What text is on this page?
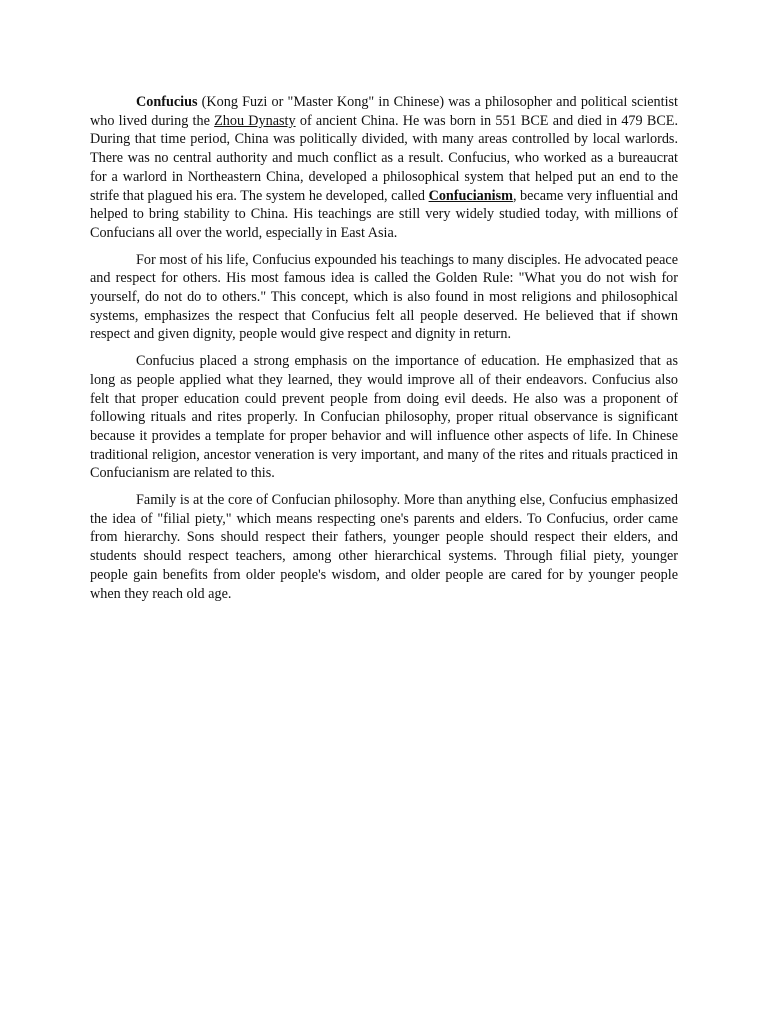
Confucius (Kong Fuzi or "Master Kong" in Chinese) was a philosopher and political scientist who lived during the Zhou Dynasty of ancient China. He was born in 551 BCE and died in 479 BCE. During that time period, China was politically divided, with many areas controlled by local warlords. There was no central authority and much conflict as a result. Confucius, who worked as a bureaucrat for a warlord in Northeastern China, developed a philosophical system that helped put an end to the strife that plagued his era. The system he developed, called Confucianism, became very influential and helped to bring stability to China. His teachings are still very widely studied today, with millions of Confucians all over the world, especially in East Asia.

For most of his life, Confucius expounded his teachings to many disciples. He advocated peace and respect for others. His most famous idea is called the Golden Rule: "What you do not wish for yourself, do not do to others." This concept, which is also found in most religions and philosophical systems, emphasizes the respect that Confucius felt all people deserved. He believed that if shown respect and given dignity, people would give respect and dignity in return.

Confucius placed a strong emphasis on the importance of education. He emphasized that as long as people applied what they learned, they would improve all of their endeavors. Confucius also felt that proper education could prevent people from doing evil deeds. He also was a proponent of following rituals and rites properly. In Confucian philosophy, proper ritual observance is significant because it provides a template for proper behavior and will influence other aspects of life. In Chinese traditional religion, ancestor veneration is very important, and many of the rites and rituals practiced in Confucianism are related to this.

Family is at the core of Confucian philosophy. More than anything else, Confucius emphasized the idea of "filial piety," which means respecting one's parents and elders. To Confucius, order came from hierarchy. Sons should respect their fathers, younger people should respect their elders, and students should respect teachers, among other hierarchical systems. Through filial piety, younger people gain benefits from older people's wisdom, and older people are cared for by younger people when they reach old age.
